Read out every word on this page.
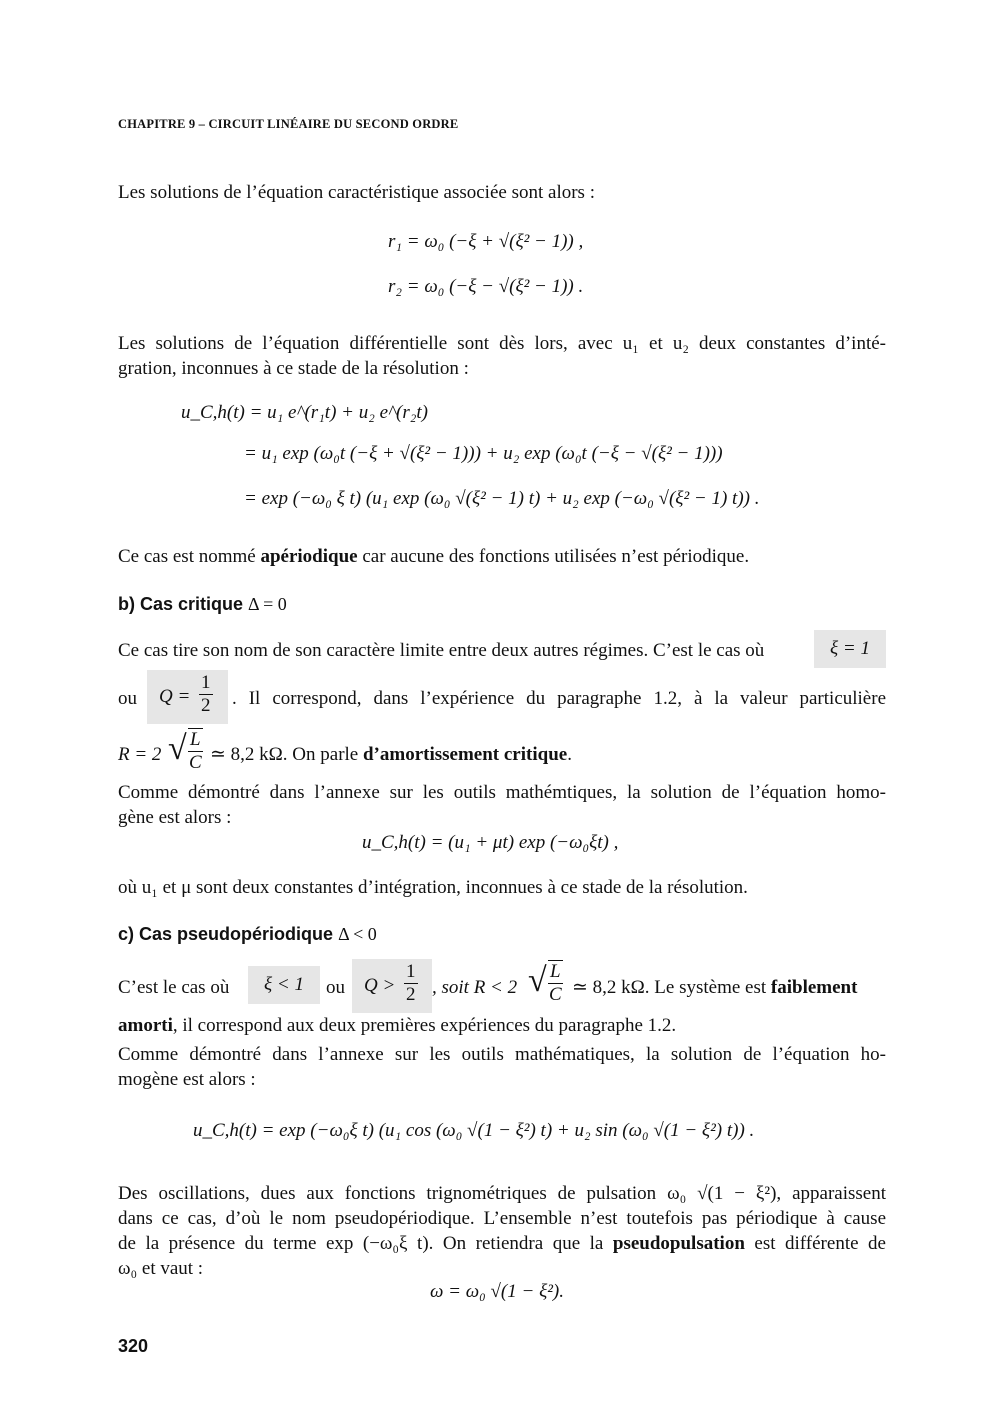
CHAPITRE 9 – CIRCUIT LINÉAIRE DU SECOND ORDRE
Les solutions de l’équation caractéristique associée sont alors :
r₁ = ω₀ (−ξ + √(ξ² − 1)) ,
r₂ = ω₀ (−ξ − √(ξ² − 1)) .
Les solutions de l’équation différentielle sont dès lors, avec u₁ et u₂ deux constantes d’inté-
gration, inconnues à ce stade de la résolution :
u_C,h(t) = u₁ e^(r₁t) + u₂ e^(r₂t)
= u₁ exp (ω₀t (−ξ + √(ξ² − 1))) + u₂ exp (ω₀t (−ξ − √(ξ² − 1)))
= exp (−ω₀ ξ t) (u₁ exp (ω₀ √(ξ² − 1) t) + u₂ exp (−ω₀ √(ξ² − 1) t)) .
Ce cas est nommé apériodique car aucune des fonctions utilisées n’est périodique.
b) Cas critique Δ = 0
Ce cas tire son nom de son caractère limite entre deux autres régimes. C’est le cas où	ξ = 1
ou	$Q = \frac{1}{2}$ . Il correspond, dans l’expérience du paragraphe 1.2, à la valeur particulière
R = 2 √ $\frac{L}{C}$ ≃ 8,2 kΩ. On parle d’amortissement critique.
Comme démontré dans l’annexe sur les outils mathémtiques, la solution de l’équation homo-
gène est alors :
u_C,h(t) = (u₁ + μt) exp (−ω₀ξt) ,
où u₁ et μ sont deux constantes d’intégration, inconnues à ce stade de la résolution.
c) Cas pseudopériodique Δ < 0
C’est le cas où	ξ < 1	ou	$Q > \frac{1}{2}$ , soit R < 2 √ $\frac{L}{C}$ ≃ 8,2 kΩ. Le système est faiblement
amorti, il correspond aux deux premières expériences du paragraphe 1.2.
Comme démontré dans l’annexe sur les outils mathématiques, la solution de l’équation ho-
mogène est alors :
u_C,h(t) = exp (−ω₀ξ t) (u₁ cos (ω₀ √(1 − ξ²) t) + u₂ sin (ω₀ √(1 − ξ²) t)) .
Des oscillations, dues aux fonctions trignométriques de pulsation ω₀ √(1 − ξ²), apparaissent
dans ce cas, d’où le nom pseudopériodique. L’ensemble n’est toutefois pas périodique à cause
de la présence du terme exp (−ω₀ξ t). On retiendra que la pseudopulsation est différente de
ω₀ et vaut :
ω = ω₀ √(1 − ξ²).
320
